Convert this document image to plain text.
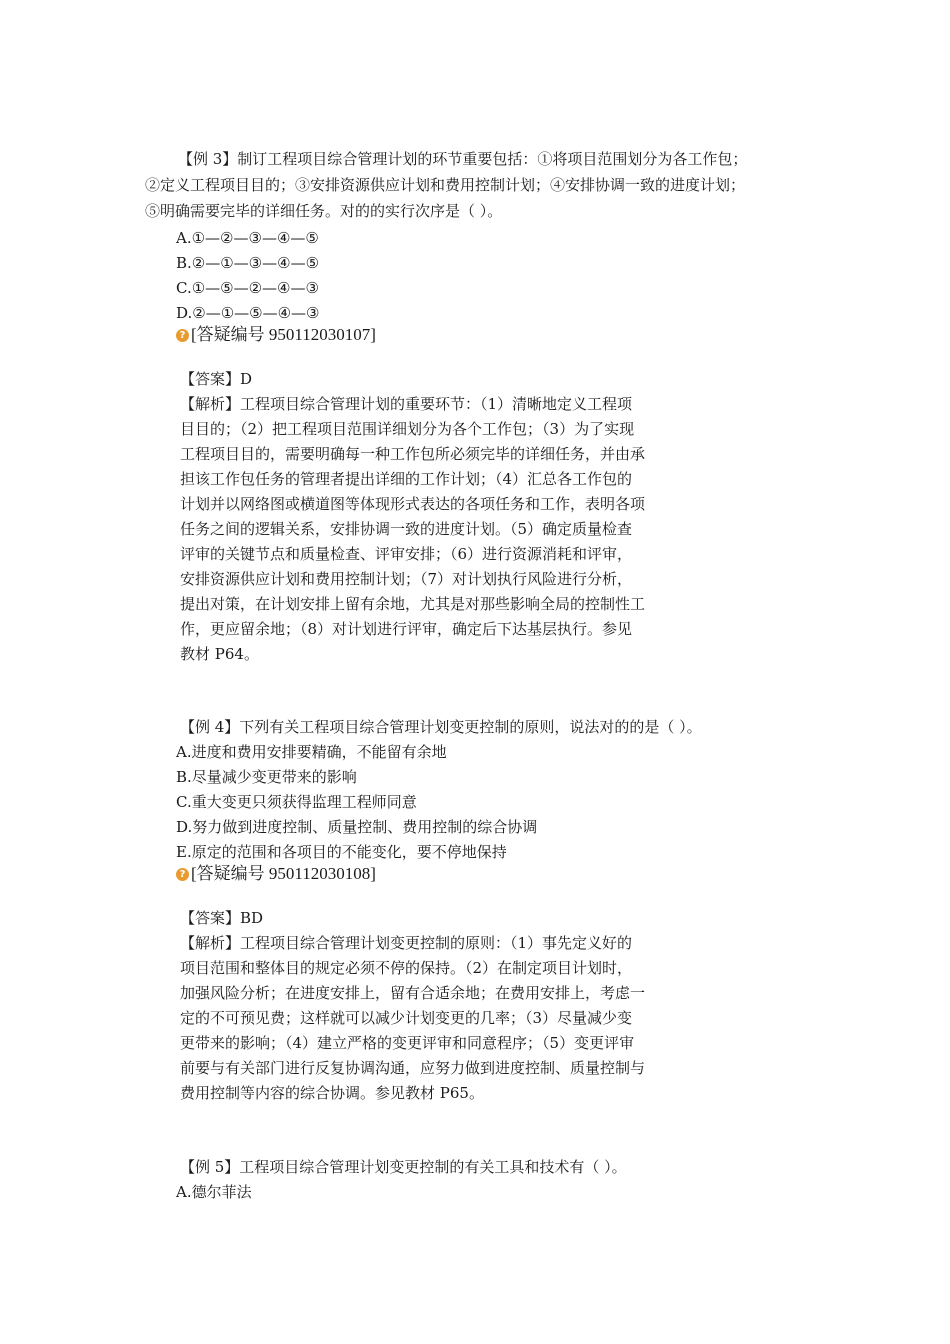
【例 3】制订工程项目综合管理计划的环节重要包括：①将项目范围划分为各工作包；
②定义工程项目目的；③安排资源供应计划和费用控制计划；④安排协调一致的进度计划；
⑤明确需要完毕的详细任务。对的的实行次序是（ ）。
A.①—②—③—④—⑤
B.②—①—③—④—⑤
C.①—⑤—②—④—③
D.②—①—⑤—④—③
? [答疑编号 950112030107]
【答案】D
【解析】工程项目综合管理计划的重要环节：（1）清晰地定义工程项
目目的；（2）把工程项目范围详细划分为各个工作包；（3）为了实现
工程项目目的，需要明确每一种工作包所必须完毕的详细任务，并由承
担该工作包任务的管理者提出详细的工作计划；（4）汇总各工作包的
计划并以网络图或横道图等体现形式表达的各项任务和工作，表明各项
任务之间的逻辑关系，安排协调一致的进度计划。（5）确定质量检查
评审的关键节点和质量检查、评审安排；（6）进行资源消耗和评审，
安排资源供应计划和费用控制计划；（7）对计划执行风险进行分析，
提出对策，在计划安排上留有余地，尤其是对那些影响全局的控制性工
作，更应留余地；（8）对计划进行评审，确定后下达基层执行。参见
教材 P64。
【例 4】下列有关工程项目综合管理计划变更控制的原则，说法对的的是（ ）。
A.进度和费用安排要精确，不能留有余地
B.尽量减少变更带来的影响
C.重大变更只须获得监理工程师同意
D.努力做到进度控制、质量控制、费用控制的综合协调
E.原定的范围和各项目的不能变化，要不停地保持
? [答疑编号 950112030108]
【答案】BD
【解析】工程项目综合管理计划变更控制的原则：（1）事先定义好的
项目范围和整体目的规定必须不停的保持。（2）在制定项目计划时，
加强风险分析；在进度安排上，留有合适余地；在费用安排上，考虑一
定的不可预见费；这样就可以减少计划变更的几率；（3）尽量减少变
更带来的影响；（4）建立严格的变更评审和同意程序；（5）变更评审
前要与有关部门进行反复协调沟通，应努力做到进度控制、质量控制与
费用控制等内容的综合协调。参见教材 P65。
【例 5】工程项目综合管理计划变更控制的有关工具和技术有（ ）。
A.德尔菲法
